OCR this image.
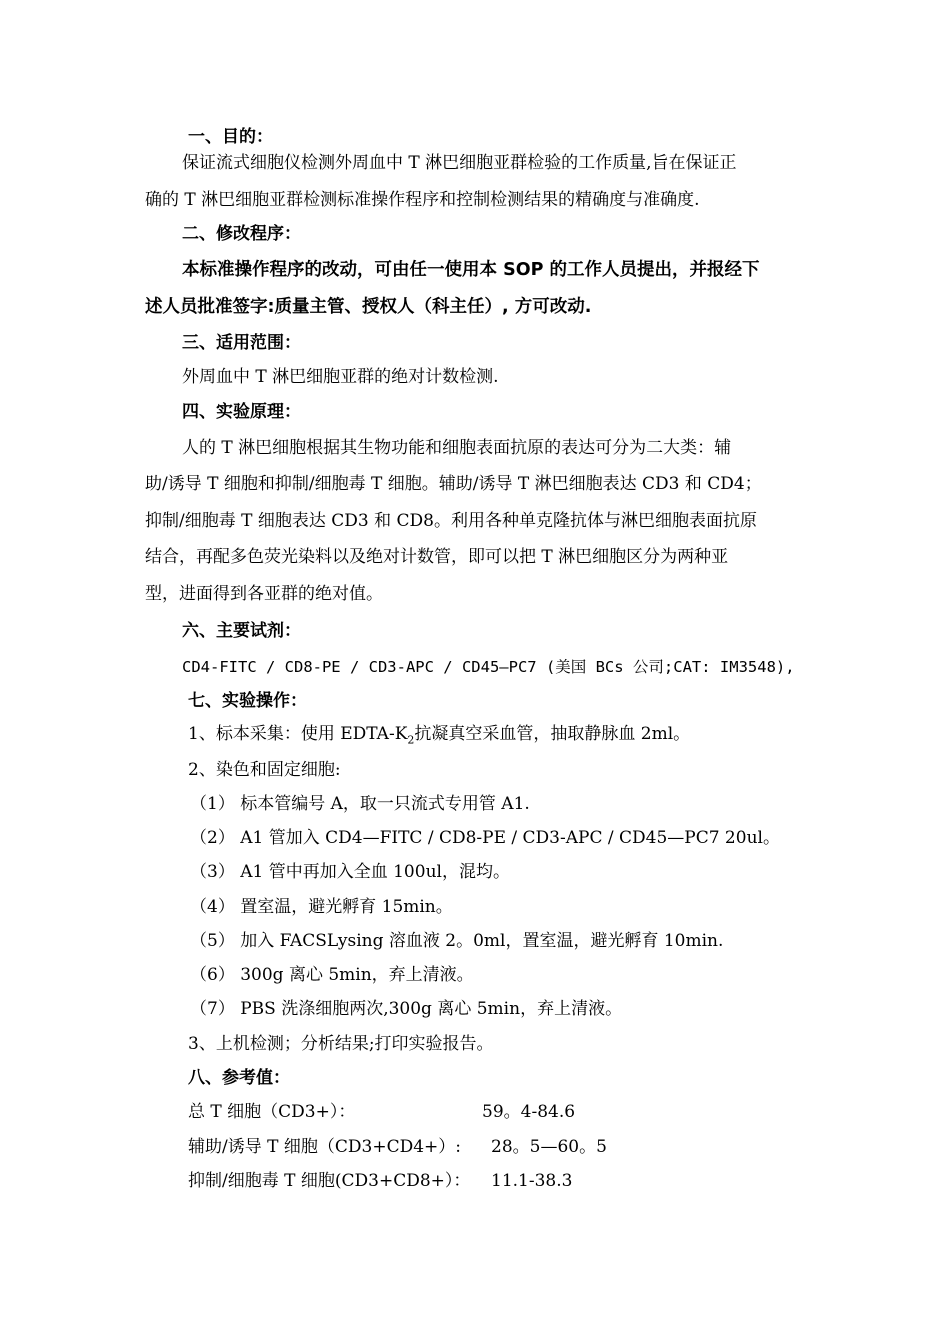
一、目的：
保证流式细胞仪检测外周血中 T 淋巴细胞亚群检验的工作质量,旨在保证正
确的 T 淋巴细胞亚群检测标准操作程序和控制检测结果的精确度与准确度.
二、修改程序：
本标准操作程序的改动，可由任一使用本 SOP 的工作人员提出，并报经下
述人员批准签字:质量主管、授权人（科主任）, 方可改动.
三、适用范围：
外周血中 T 淋巴细胞亚群的绝对计数检测.
四、实验原理：
人的 T 淋巴细胞根据其生物功能和细胞表面抗原的表达可分为二大类：辅
助/诱导 T 细胞和抑制/细胞毒 T 细胞。辅助/诱导 T 淋巴细胞表达 CD3 和 CD4；
抑制/细胞毒 T 细胞表达 CD3 和 CD8。利用各种单克隆抗体与淋巴细胞表面抗原
结合，再配多色荧光染料以及绝对计数管，即可以把 T 淋巴细胞区分为两种亚
型，进面得到各亚群的绝对值。
六、主要试剂：
CD4-FITC / CD8-PE / CD3-APC / CD45—PC7 (美国 BCs 公司;CAT: IM3548),
七、实验操作：
1、标本采集：使用 EDTA-$K_2$抗凝真空采血管，抽取静脉血 2ml。
2、染色和固定细胞:
（1） 标本管编号 A，取一只流式专用管 A1.
（2） A1 管加入 CD4—FITC / CD8-PE / CD3-APC / CD45—PC7 20ul。
（3） A1 管中再加入全血 100ul，混均。
（4） 置室温，避光孵育 15min。
（5） 加入 FACSLysing 溶血液 2。0ml，置室温，避光孵育 10min.
（6） 300g 离心 5min，弃上清液。
（7） PBS 洗涤细胞两次,300g 离心 5min，弃上清液。
3、上机检测；分析结果;打印实验报告。
八、参考值：
总 T 细胞（CD3+）：	59。4-84.6
辅助/诱导 T 细胞（CD3+CD4+）: 28。5—60。5
抑制/细胞毒 T 细胞(CD3+CD8+）： 11.1-38.3
